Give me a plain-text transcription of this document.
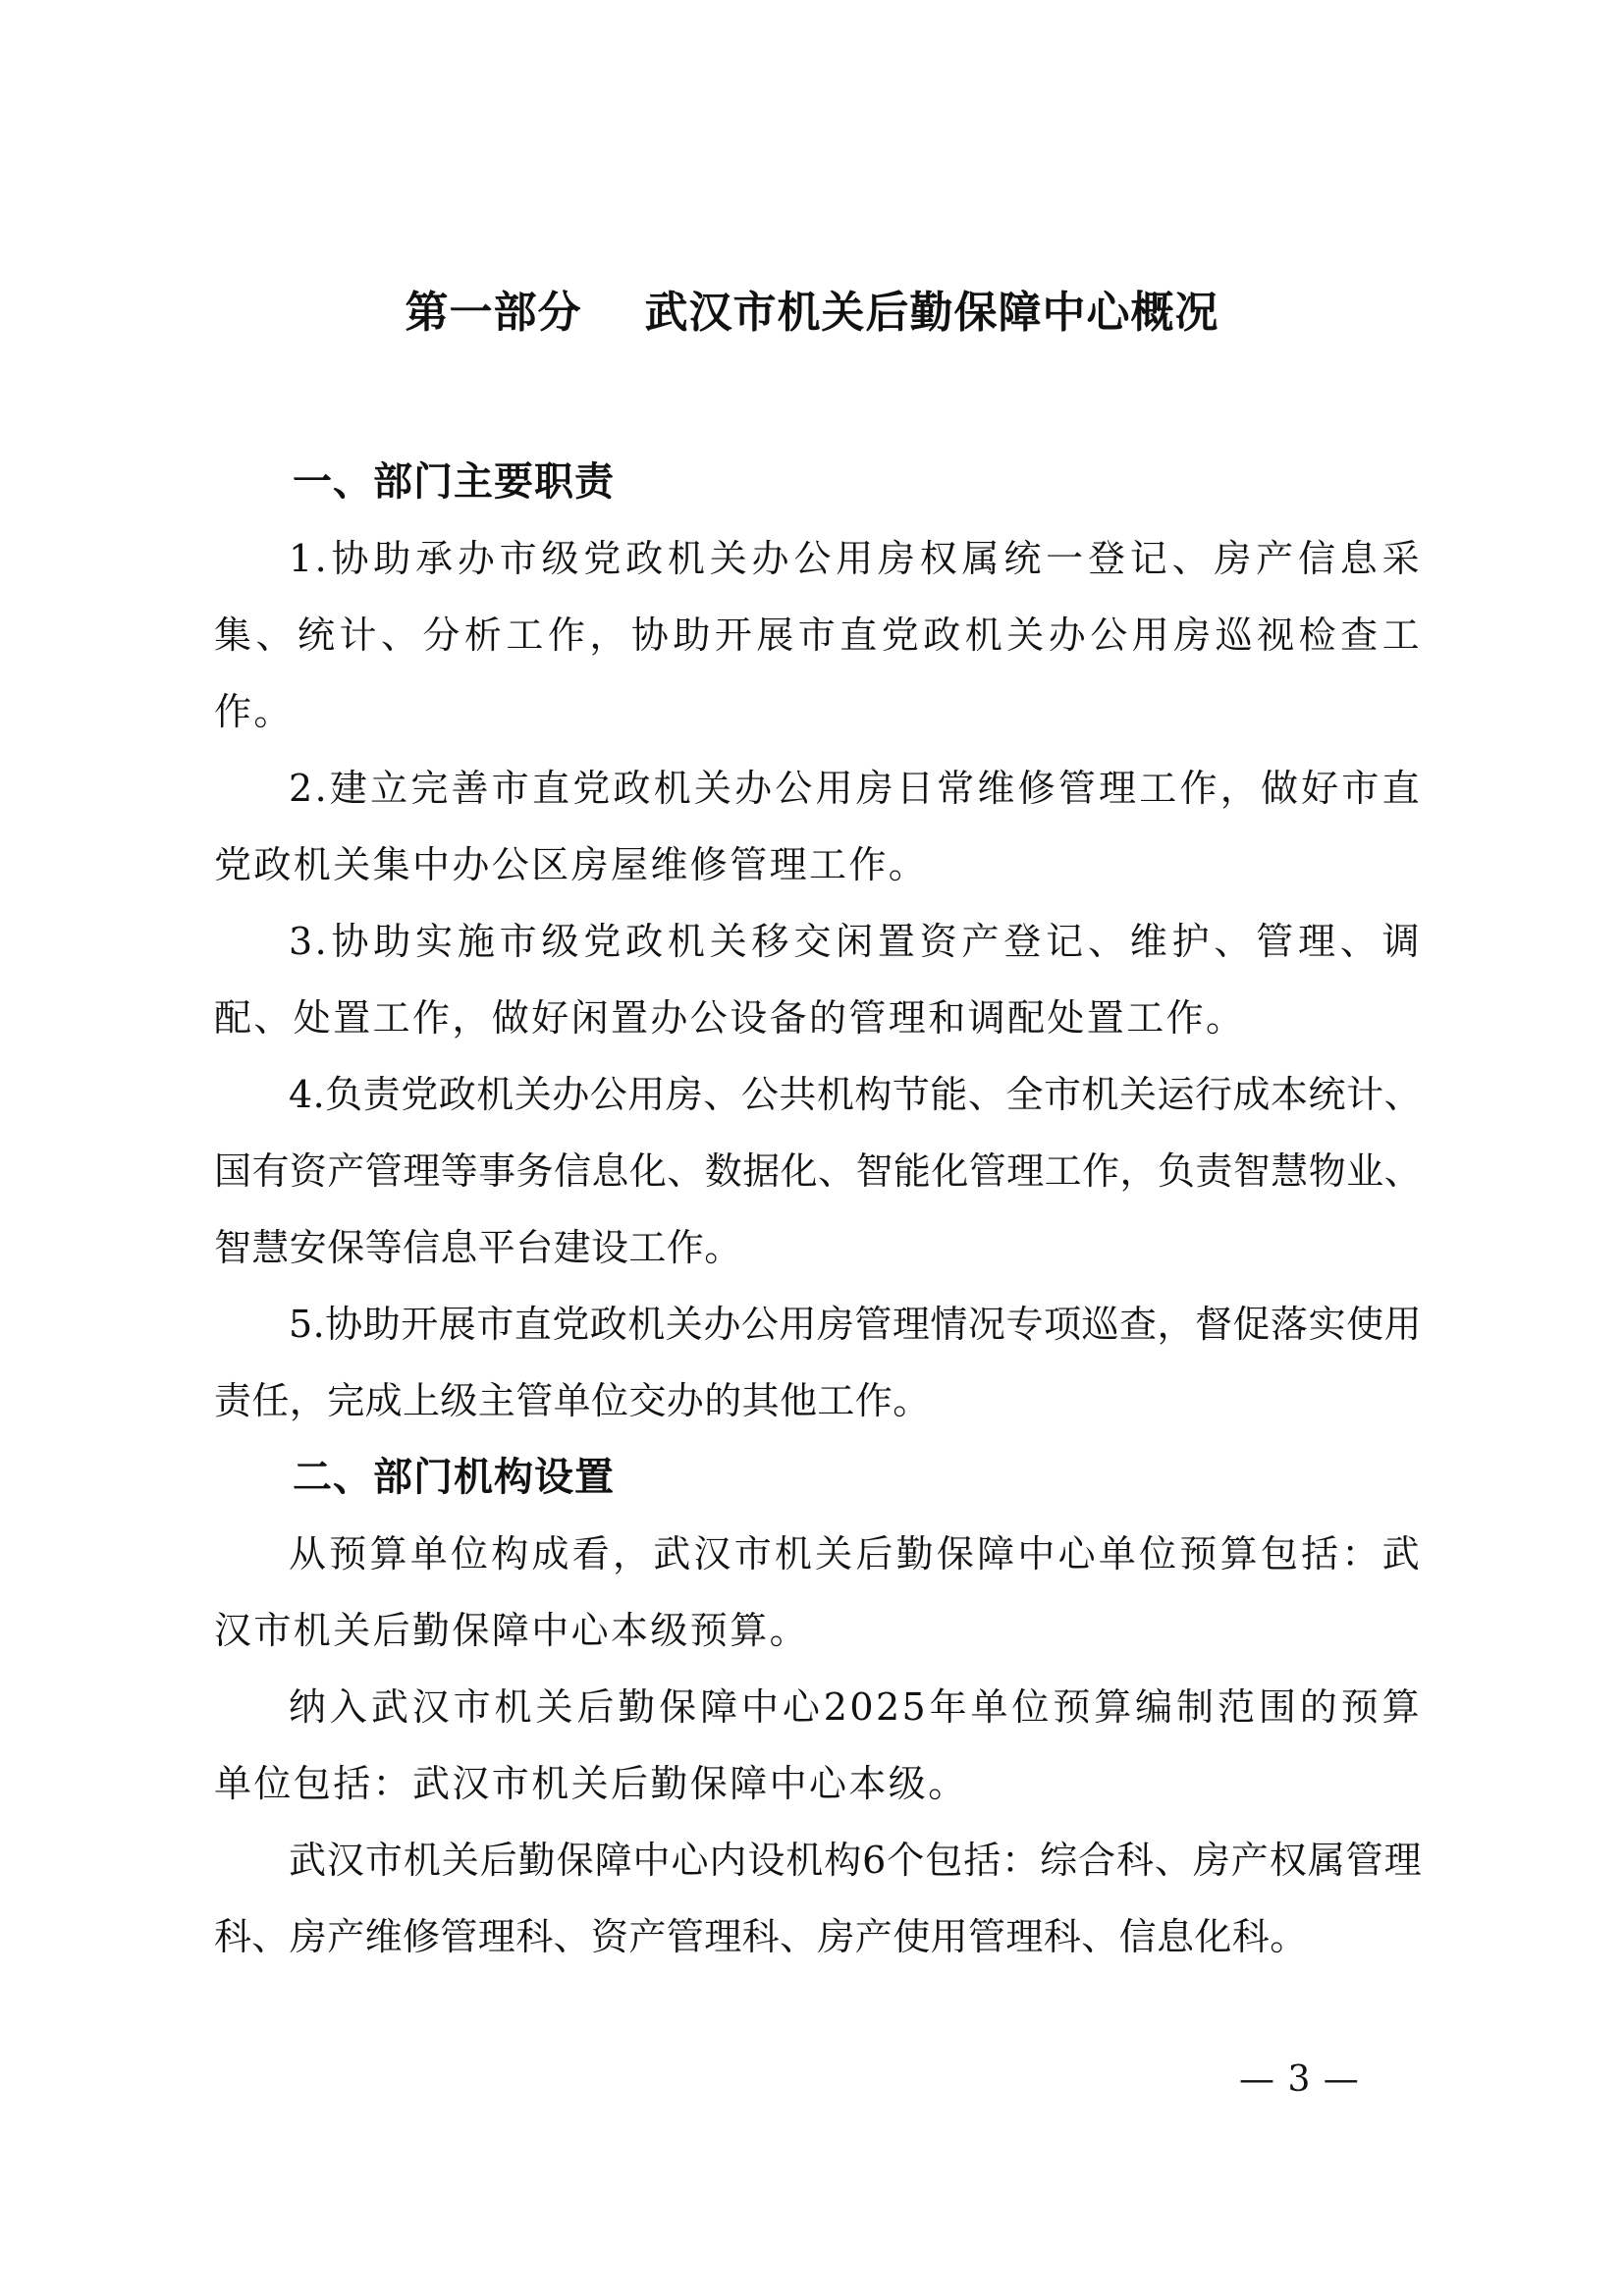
第一部分 武汉市机关后勤保障中心概况
一、部门主要职责

1.协助承办市级党政机关办公用房权属统一登记、房产信息采集、统计、分析工作，协助开展市直党政机关办公用房巡视检查工作。

2.建立完善市直党政机关办公用房日常维修管理工作，做好市直党政机关集中办公区房屋维修管理工作。

3.协助实施市级党政机关移交闲置资产登记、维护、管理、调配、处置工作，做好闲置办公设备的管理和调配处置工作。

4.负责党政机关办公用房、公共机构节能、全市机关运行成本统计、国有资产管理等事务信息化、数据化、智能化管理工作，负责智慧物业、智慧安保等信息平台建设工作。

5.协助开展市直党政机关办公用房管理情况专项巡查，督促落实使用责任，完成上级主管单位交办的其他工作。

二、部门机构设置

从预算单位构成看，武汉市机关后勤保障中心单位预算包括：武汉市机关后勤保障中心本级预算。

纳入武汉市机关后勤保障中心2025年单位预算编制范围的预算单位包括：武汉市机关后勤保障中心本级。

武汉市机关后勤保障中心内设机构6个包括：综合科、房产权属管理科、房产维修管理科、资产管理科、房产使用管理科、信息化科。

— 3 —
